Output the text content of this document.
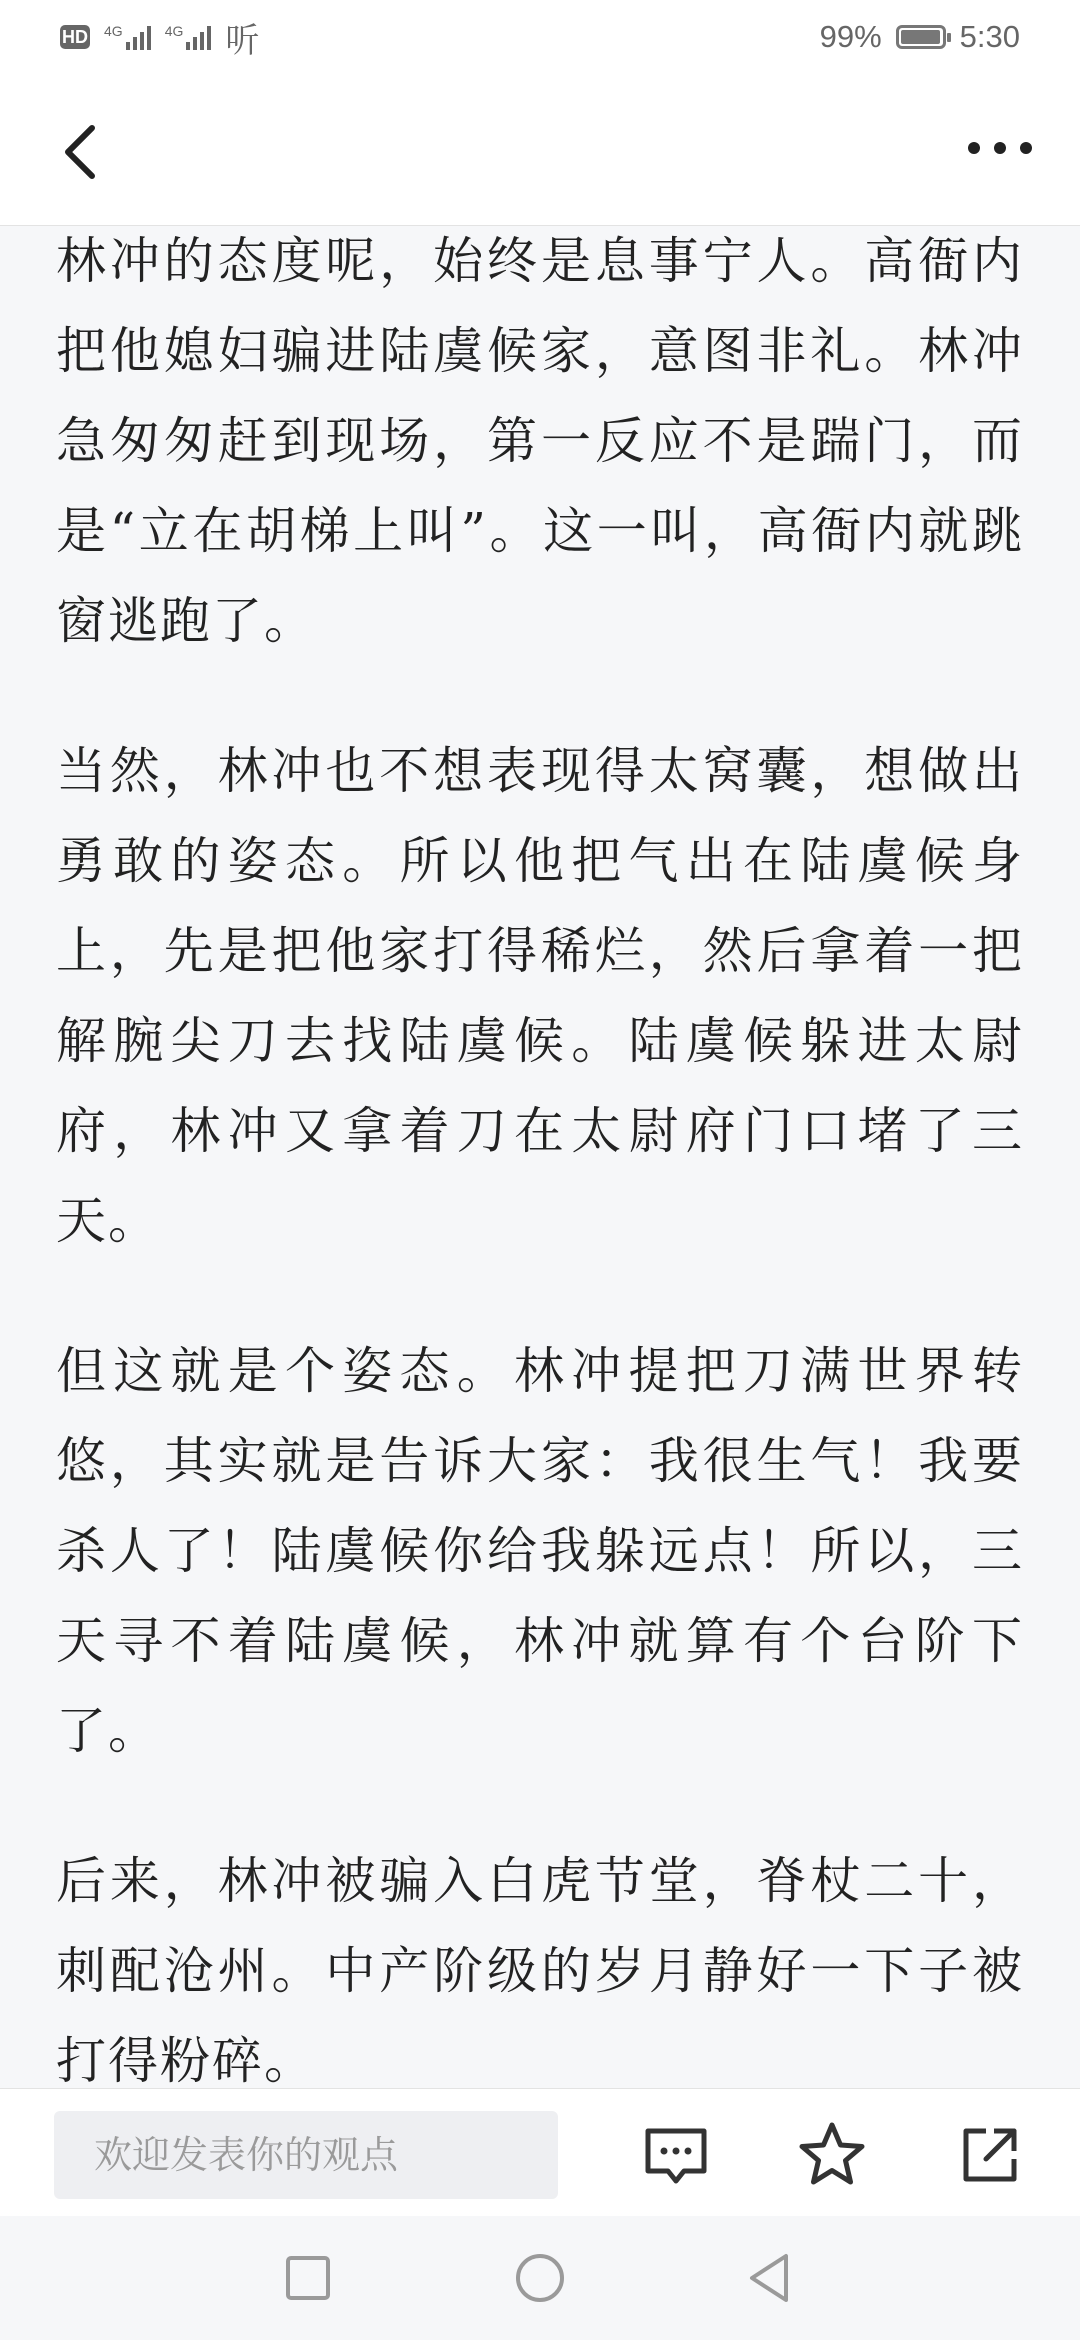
HD 4G	4G 听	99%	5:30

林冲的态度呢，始终是息事宁人。高衙内把他媳妇骗进陆虞候家，意图非礼。林冲急匆匆赶到现场，第一反应不是踹门，而是“立在胡梯上叫”。这一叫，高衙内就跳窗逃跑了。

当然，林冲也不想表现得太窝囊，想做出勇敢的姿态。所以他把气出在陆虞候身上，先是把他家打得稀烂，然后拿着一把解腕尖刀去找陆虞候。陆虞候躲进太尉府，林冲又拿着刀在太尉府门口堵了三天。

但这就是个姿态。林冲提把刀满世界转悠，其实就是告诉大家：我很生气！我要杀人了！陆虞候你给我躲远点！所以，三天寻不着陆虞候，林冲就算有个台阶下了。

后来，林冲被骗入白虎节堂，脊杖二十，刺配沧州。中产阶级的岁月静好一下子被打得粉碎。

欢迎发表你的观点
